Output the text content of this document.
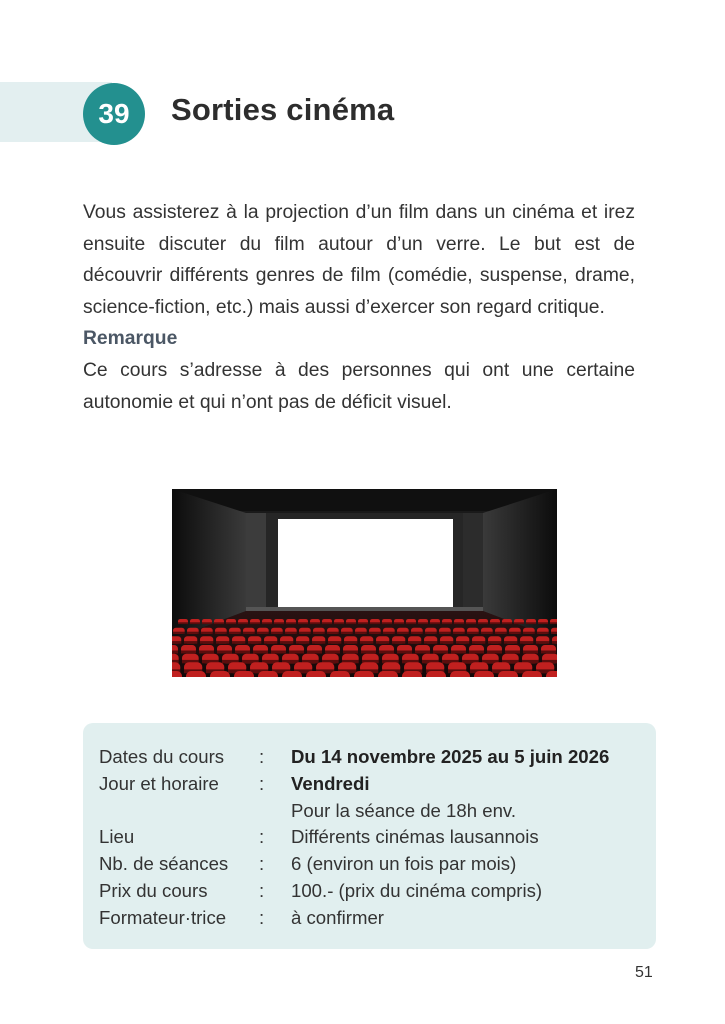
39	Sorties cinéma

Vous assisterez à la projection d’un film dans un cinéma et irez ensuite discuter du film autour d’un verre. Le but est de découvrir différents genres de film (comédie, suspense, drame, science-fiction, etc.) mais aussi d’exercer son regard critique.

Remarque

Ce cours s’adresse à des personnes qui ont une certaine autonomie et qui n’ont pas de déficit visuel.

Dates du cours	:	Du 14 novembre 2025 au 5 juin 2026
Jour et horaire	:	Vendredi
Pour la séance de 18h env.
Lieu	:	Différents cinémas lausannois
Nb. de séances	:	6 (environ un fois par mois)
Prix du cours	:	100.- (prix du cinéma compris)
Formateur·trice	:	à confirmer
51
